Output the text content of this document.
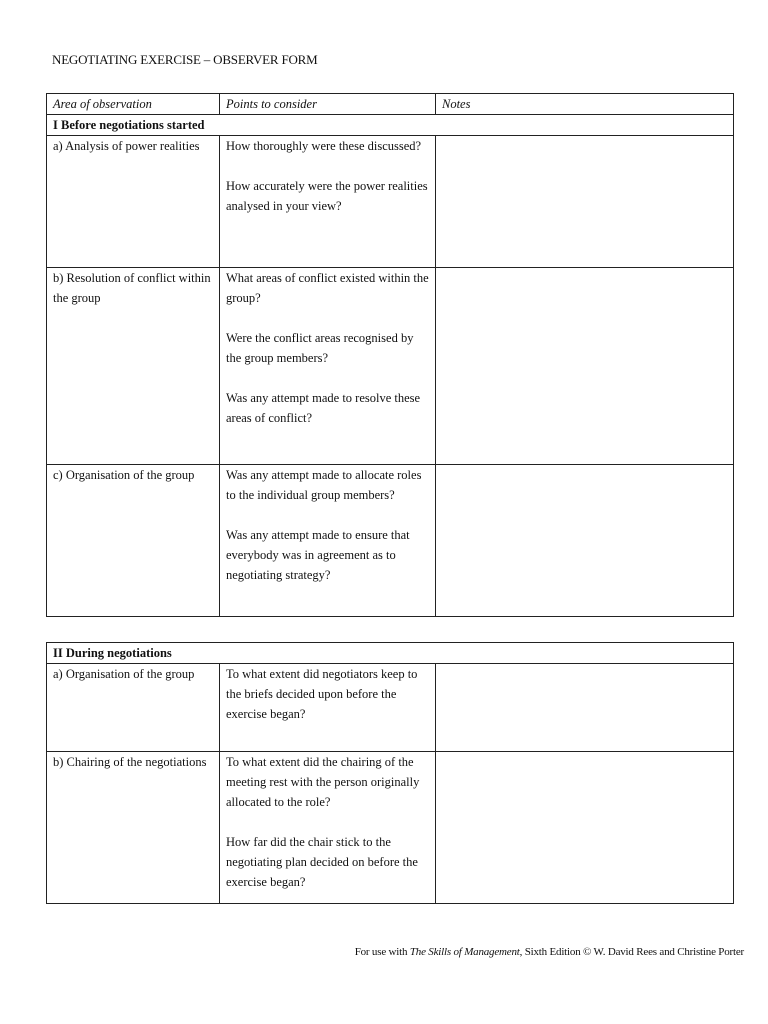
NEGOTIATING EXERCISE – OBSERVER FORM
Area of observation	Points to consider	Notes
I Before negotiations started		
a) Analysis of power realities	How thoroughly were these discussed?
How accurately were the power realities analysed in your view?	

b) Resolution of conflict within the group	What areas of conflict existed within the group?
Were the conflict areas recognised by the group members?
Was any attempt made to resolve these areas of conflict?	

c) Organisation of the group	Was any attempt made to allocate roles to the individual group members?
Was any attempt made to ensure that everybody was in agreement as to negotiating strategy?	

II During negotiations		
a) Organisation of the group	To what extent did negotiators keep to the briefs decided upon before the exercise began?	

b) Chairing of the negotiations	To what extent did the chairing of the meeting rest with the person originally allocated to the role?
How far did the chair stick to the negotiating plan decided on before the exercise began?	

For use with The Skills of Management, Sixth Edition © W. David Rees and Christine Porter
